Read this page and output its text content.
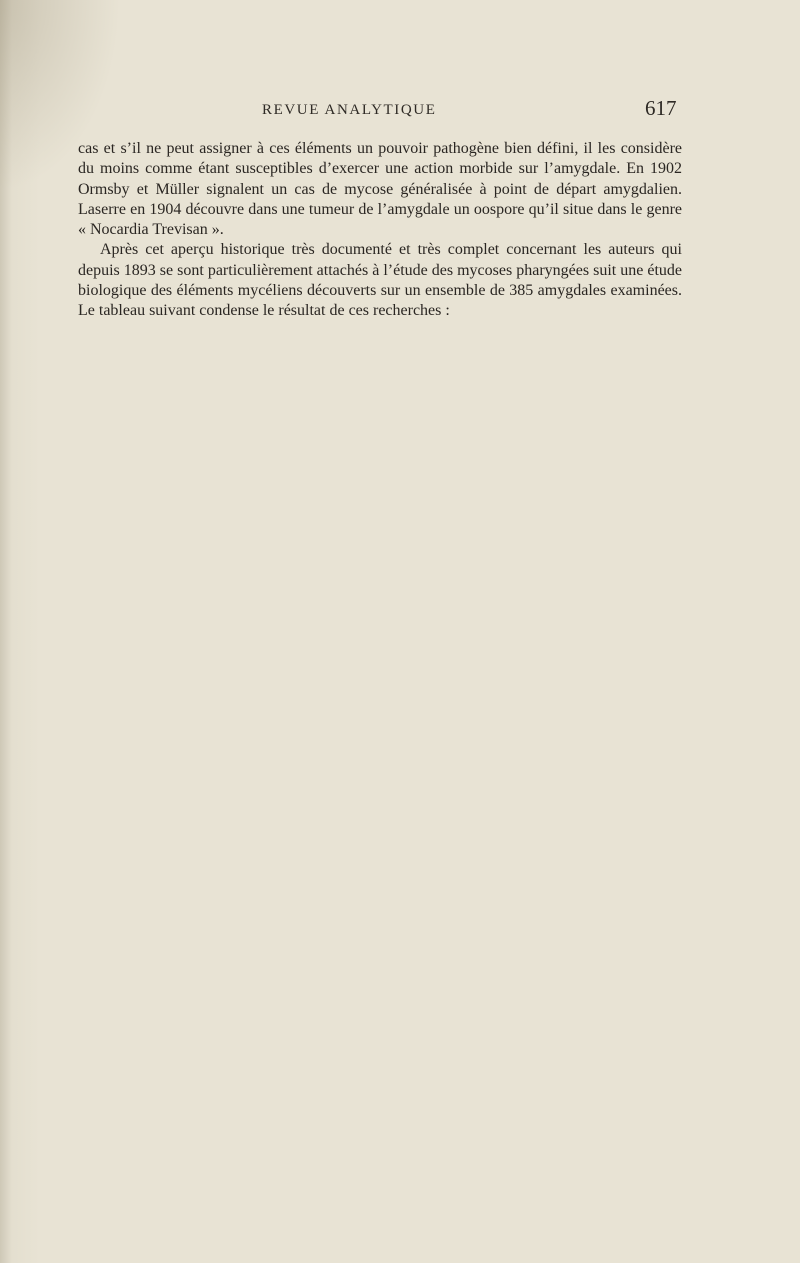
REVUE ANALYTIQUE	617

cas et s’il ne peut assigner à ces éléments un pouvoir pathogène bien défini, il les considère du moins comme étant susceptibles d’exercer une action morbide sur l’amygdale. En 1902 Ormsby et Müller signalent un cas de mycose généralisée à point de départ amygdalien. Laserre en 1904 découvre dans une tumeur de l’amygdale un oospore qu’il situe dans le genre « Nocardia Trevisan ».

Après cet aperçu historique très documenté et très complet concernant les auteurs qui depuis 1893 se sont particulièrement attachés à l’étude des mycoses pharyngées suit une étude biologique des éléments mycéliens découverts sur un ensemble de 385 amygdales examinées. Le tableau suivant condense le résultat de ces recherches :
